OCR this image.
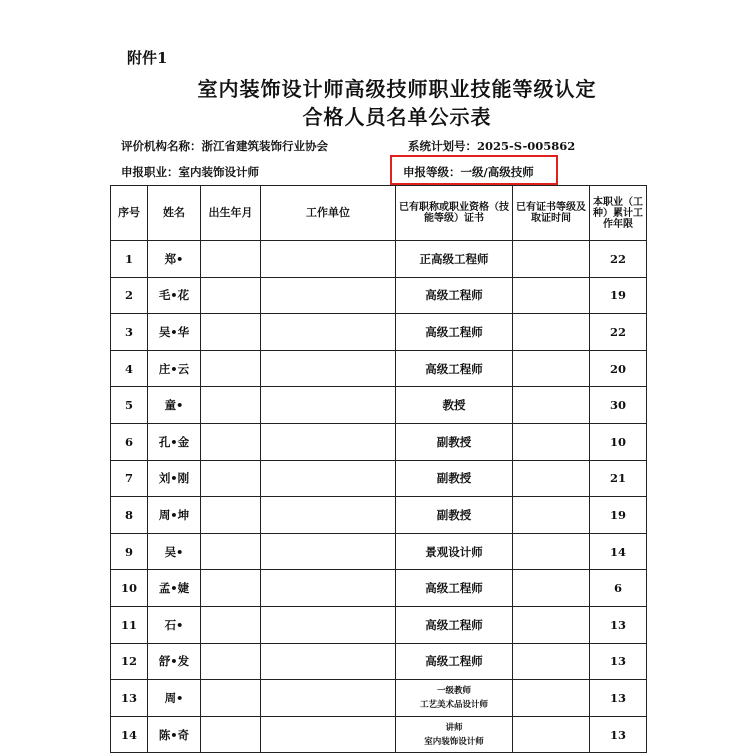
附件1
室内装饰设计师高级技师职业技能等级认定
合格人员名单公示表
评价机构名称：浙江省建筑装饰行业协会	系统计划号：2025-S-005862
申报职业：室内装饰设计师	申报等级：一级/高级技师
序号	姓名	出生年月	工作单位	已有职称或职业资格（技能等级）证书	已有证书等级及取证时间	本职业（工种）累计工作年限
1	郑•			正高级工程师		22
2	毛•花			高级工程师		19
3	吴•华			高级工程师		22
4	庄•云			高级工程师		20
5	童•			教授		30
6	孔•金			副教授		10
7	刘•刚			副教授		21
8	周•坤			副教授		19
9	吴•			景观设计师		14
10	孟•婕			高级工程师		6
11	石•			高级工程师		13
12	舒•发			高级工程师		13
13	周•			一级教师
工艺美术品设计师		13
14	陈•奇			讲师
室内装饰设计师		13
